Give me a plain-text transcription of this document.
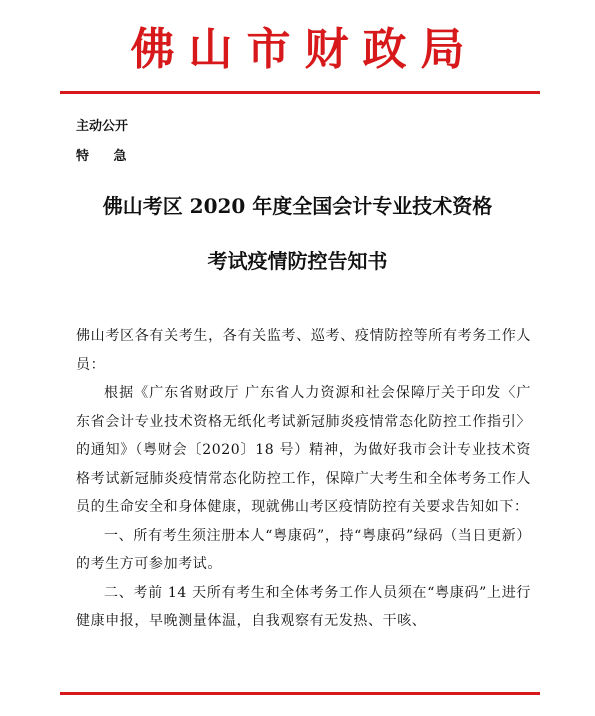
佛山市财政局
主动公开
特 急
佛山考区 2020 年度全国会计专业技术资格
考试疫情防控告知书

佛山考区各有关考生，各有关监考、巡考、疫情防控等所有考务工作人员：

根据《广东省财政厅 广东省人力资源和社会保障厅关于印发〈广东省会计专业技术资格无纸化考试新冠肺炎疫情常态化防控工作指引〉的通知》（粤财会〔2020〕18 号）精神，为做好我市会计专业技术资格考试新冠肺炎疫情常态化防控工作，保障广大考生和全体考务工作人员的生命安全和身体健康，现就佛山考区疫情防控有关要求告知如下：

一、所有考生须注册本人“粤康码”，持“粤康码”绿码（当日更新）的考生方可参加考试。

二、考前 14 天所有考生和全体考务工作人员须在“粤康码”上进行健康申报，早晚测量体温，自我观察有无发热、干咳、
